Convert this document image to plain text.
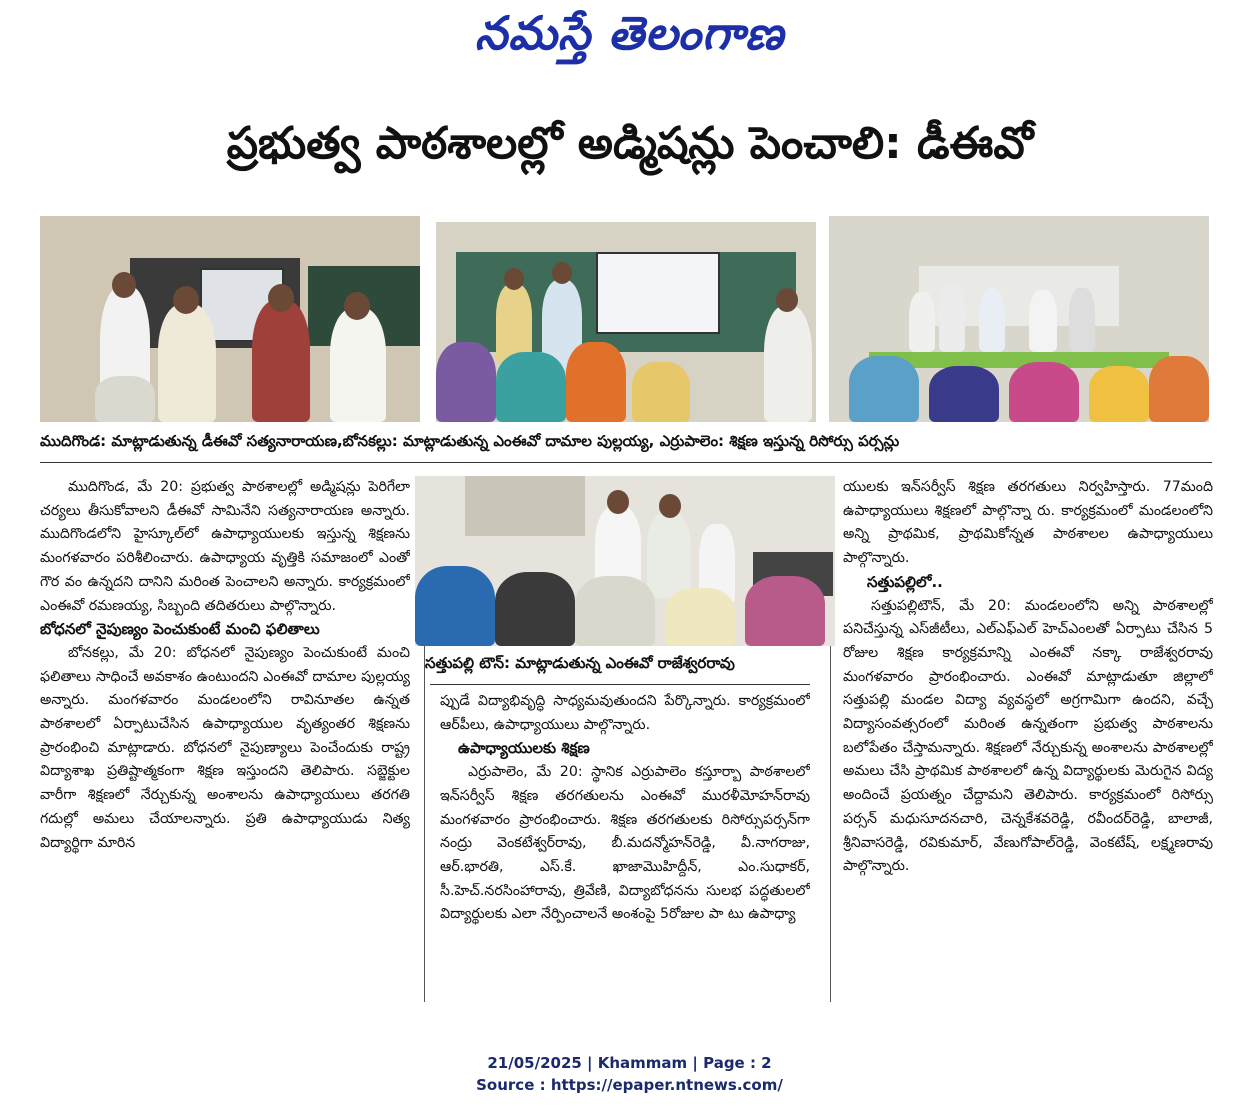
నమస్తే తెలంగాణ
ప్రభుత్వ పాఠశాలల్లో అడ్మిషన్లు పెంచాలి: డీఈవో
ముదిగొండ: మాట్లాడుతున్న డీఈవో సత్యనారాయణ,బోనకల్లు: మాట్లాడుతున్న ఎంఈవో దామాల పుల్లయ్య, ఎర్రుపాలెం: శిక్షణ ఇస్తున్న రిసోర్సు పర్సన్లు

ముదిగొండ, మే 20: ప్రభుత్వ పాఠశాలల్లో అడ్మిషన్లు పెరిగేలా చర్యలు తీసుకోవాలని డీఈవో సామినేని సత్యనారాయణ అన్నారు. ముదిగొండలోని హైస్కూల్‌లో ఉపాధ్యాయులకు ఇస్తున్న శిక్షణను మంగళవారం పరిశీలించారు. ఉపాధ్యాయ వృత్తికి సమాజంలో ఎంతో గౌర వం ఉన్నదని దానిని మరింత పెంచాలని అన్నారు. కార్యక్రమంలో ఎంఈవో రమణయ్య, సిబ్బంది తదితరులు పాల్గొన్నారు.

బోధనలో నైపుణ్యం పెంచుకుంటే మంచి ఫలితాలు

బోనకల్లు, మే 20: బోధనలో నైపుణ్యం పెంచుకుంటే మంచి ఫలితాలు సాధించే అవకాశం ఉంటుందని ఎంఈవో దామాల పుల్లయ్య అన్నారు. మంగళవారం మండలంలోని రావినూతల ఉన్నత పాఠశాలలో ఏర్పాటుచేసిన ఉపాధ్యాయుల వృత్యంతర శిక్షణను ప్రారంభించి మాట్లాడారు. బోధనలో నైపుణ్యాలు పెంచేందుకు రాష్ట్ర విద్యాశాఖ ప్రతిష్టాత్మకంగా శిక్షణ ఇస్తుందని తెలిపారు. సబ్జెక్టుల వారీగా శిక్షణలో నేర్చుకున్న అంశాలను ఉపాధ్యాయులు తరగతి గదుల్లో అమలు చేయాలన్నారు. ప్రతి ఉపాధ్యాయుడు నిత్య విద్యార్థిగా మారిన

సత్తుపల్లి టౌన్: మాట్లాడుతున్న ఎంఈవో రాజేశ్వరరావు

ప్పుడే విద్యాభివృద్ధి సాధ్యమవుతుందని పేర్కొన్నారు. కార్యక్రమంలో ఆర్‌పీలు, ఉపాధ్యాయులు పాల్గొన్నారు.

ఉపాధ్యాయులకు శిక్షణ

ఎర్రుపాలెం, మే 20: స్థానిక ఎర్రుపాలెం కస్తూర్బా పాఠశాలలో ఇన్‌సర్వీస్ శిక్షణ తరగతులను ఎంఈవో మురళీమోహన్‌రావు మంగళవారం ప్రారంభించారు. శిక్షణ తరగతులకు రిసోర్సుపర్సన్‌గా నంద్రు వెంకటేశ్వర్‌రావు, బీ.మదన్మోహన్‌రెడ్డి, వీ.నాగరాజు, ఆర్.భారతి, ఎస్.కే. ఖాజామొహిద్దీన్, ఎం.సుధాకర్, సీ.హెచ్.నరసింహారావు, త్రివేణి, విద్యాబోధనను సులభ పద్ధతులలో విద్యార్థులకు ఎలా నేర్పించాలనే అంశంపై 5రోజుల పా టు ఉపాధ్యా

యులకు ఇన్‌సర్వీస్ శిక్షణ తరగతులు నిర్వహిస్తారు. 77మంది ఉపాధ్యాయులు శిక్షణలో పాల్గొన్నా రు. కార్యక్రమంలో మండలంలోని అన్ని ప్రాథమిక, ప్రాథమికోన్నత పాఠశాలల ఉపాధ్యాయులు పాల్గొన్నారు.

సత్తుపల్లిలో..

సత్తుపల్లిటౌన్, మే 20: మండలంలోని అన్ని పాఠశాలల్లో పనిచేస్తున్న ఎస్‌జీటీలు, ఎల్‌ఎఫ్‌ఎల్ హెచ్‌ఎంలతో ఏర్పాటు చేసిన 5 రోజుల శిక్షణ కార్యక్రమాన్ని ఎంఈవో నక్కా రాజేశ్వరరావు మంగళవారం ప్రారంభించారు. ఎంఈవో మాట్లాడుతూ జిల్లాలో సత్తుపల్లి మండల విద్యా వ్యవస్థలో అగ్రగామిగా ఉందని, వచ్చే విద్యాసంవత్సరంలో మరింత ఉన్నతంగా ప్రభుత్వ పాఠశాలను బలోపేతం చేస్తామన్నారు. శిక్షణలో నేర్చుకున్న అంశాలను పాఠశాలల్లో అమలు చేసి ప్రాథమిక పాఠశాలలో ఉన్న విద్యార్థులకు మెరుగైన విద్య అందించే ప్రయత్నం చేద్దామని తెలిపారు. కార్యక్రమంలో రిసోర్సు పర్సన్ మధుసూదనచారి, చెన్నకేశవరెడ్డి, రవీందర్‌రెడ్డి, బాలాజీ, శ్రీనివాసరెడ్డి, రవికుమార్, వేణుగోపాల్‌రెడ్డి, వెంకటేష్, లక్ష్మణరావు పాల్గొన్నారు.

21/05/2025 | Khammam | Page : 2
Source : https://epaper.ntnews.com/
